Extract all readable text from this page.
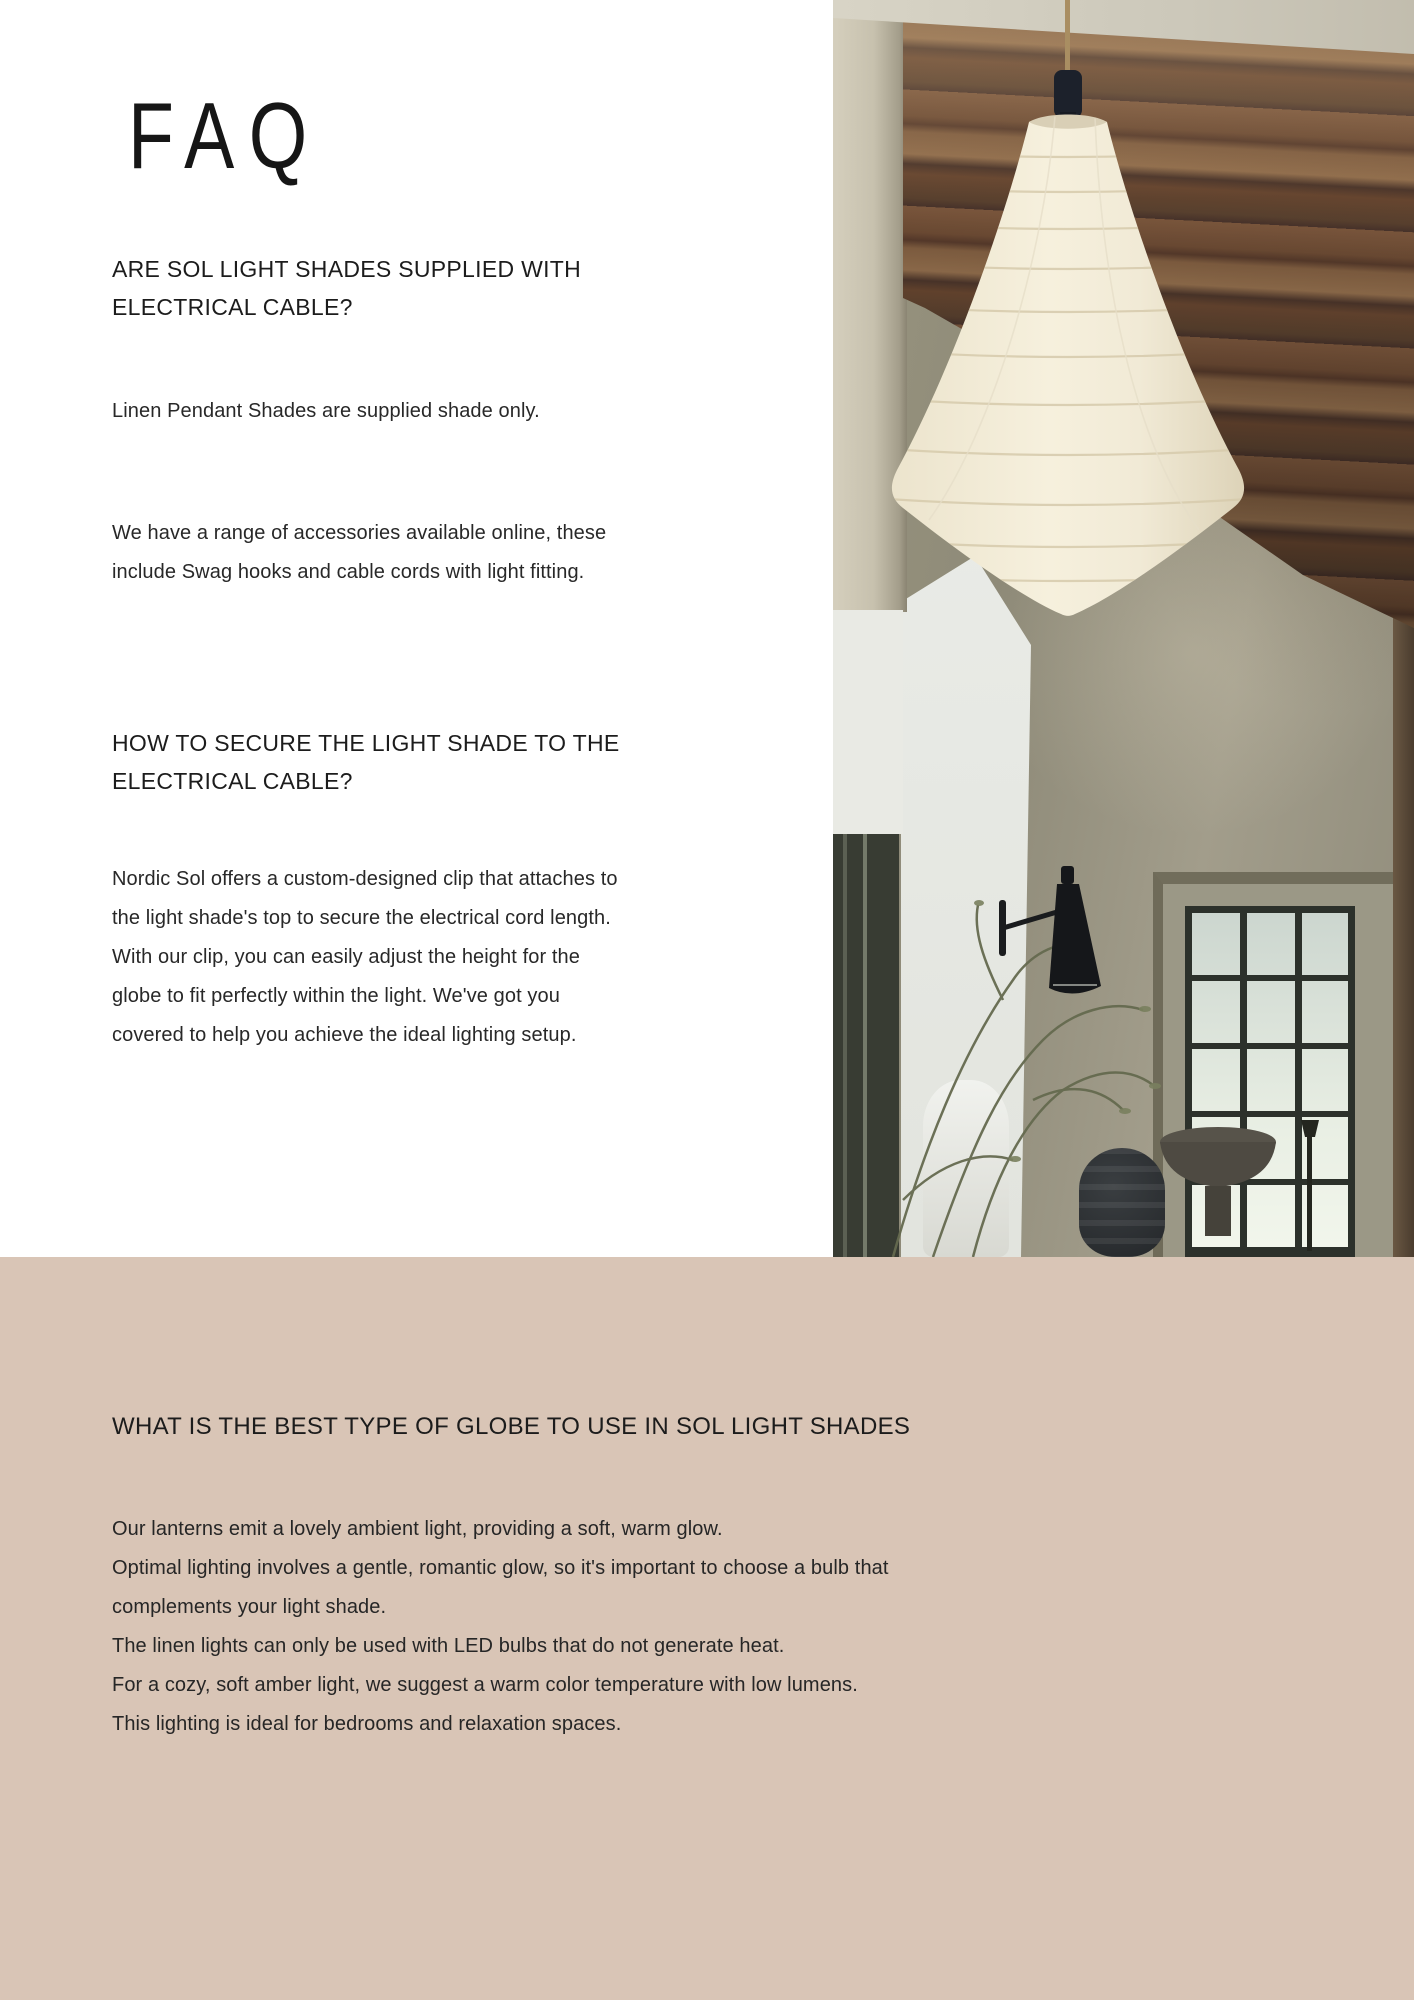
FAQ
ARE SOL LIGHT SHADES SUPPLIED WITH ELECTRICAL CABLE?

Linen Pendant Shades are supplied shade only.

We have a range of accessories available online, these include Swag hooks and cable cords with light fitting.

HOW TO SECURE THE LIGHT SHADE TO THE ELECTRICAL CABLE?

Nordic Sol offers a custom-designed clip that attaches to the light shade's top to secure the electrical cord length. With our clip, you can easily adjust the height for the globe to fit perfectly within the light. We've got you covered to help you achieve the ideal lighting setup.

WHAT IS THE BEST TYPE OF GLOBE TO USE IN SOL LIGHT SHADES
Our lanterns emit a lovely ambient light, providing a soft, warm glow.
Optimal lighting involves a gentle, romantic glow, so it's important to choose a bulb that complements your light shade.
The linen lights can only be used with LED bulbs that do not generate heat.
For a cozy, soft amber light, we suggest a warm color temperature with low lumens.
This lighting is ideal for bedrooms and relaxation spaces.
